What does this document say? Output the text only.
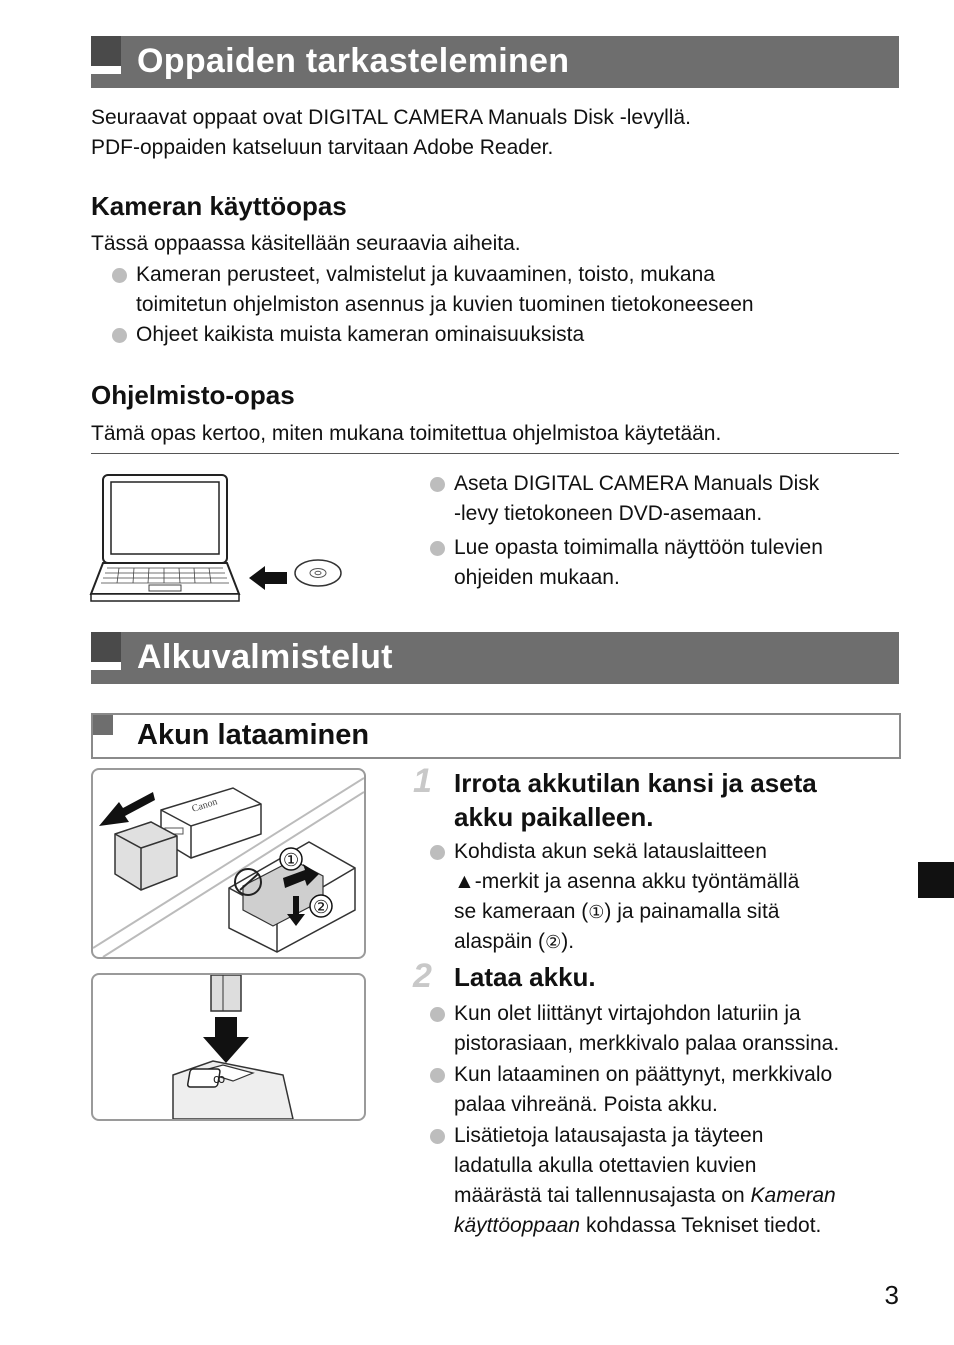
Oppaiden tarkasteleminen

Seuraavat oppaat ovat DIGITAL CAMERA Manuals Disk -levyllä.

PDF-oppaiden katseluun tarvitaan Adobe Reader.

Kameran käyttöopas

Tässä oppaassa käsitellään seuraavia aiheita.

Kameran perusteet, valmistelut ja kuvaaminen, toisto, mukana
toimitetun ohjelmiston asennus ja kuvien tuominen tietokoneeseen
Ohjeet kaikista muista kameran ominaisuuksista
Ohjelmisto-opas

Tämä opas kertoo, miten mukana toimitettua ohjelmistoa käytetään.

Aseta DIGITAL CAMERA Manuals Disk
-levy tietokoneen DVD-asemaan.
Lue opasta toimimalla näyttöön tulevien
ohjeiden mukaan.
Alkuvalmistelut
Akun lataaminen
Canon
①
②
ꝏ
1 Irrota akkutilan kansi ja aseta
akku paikalleen.
Kohdista akun sekä latauslaitteen
▲-merkit ja asenna akku työntämällä
se kameraan (①) ja painamalla sitä
alaspäin (②).
2 Lataa akku.
Kun olet liittänyt virtajohdon laturiin ja
pistorasiaan, merkkivalo palaa oranssina.
Kun lataaminen on päättynyt, merkkivalo
palaa vihreänä. Poista akku.
Lisätietoja latausajasta ja täyteen
ladatulla akulla otettavien kuvien
määrästä tai tallennusajasta on Kameran
käyttöoppaan kohdassa Tekniset tiedot.
3
